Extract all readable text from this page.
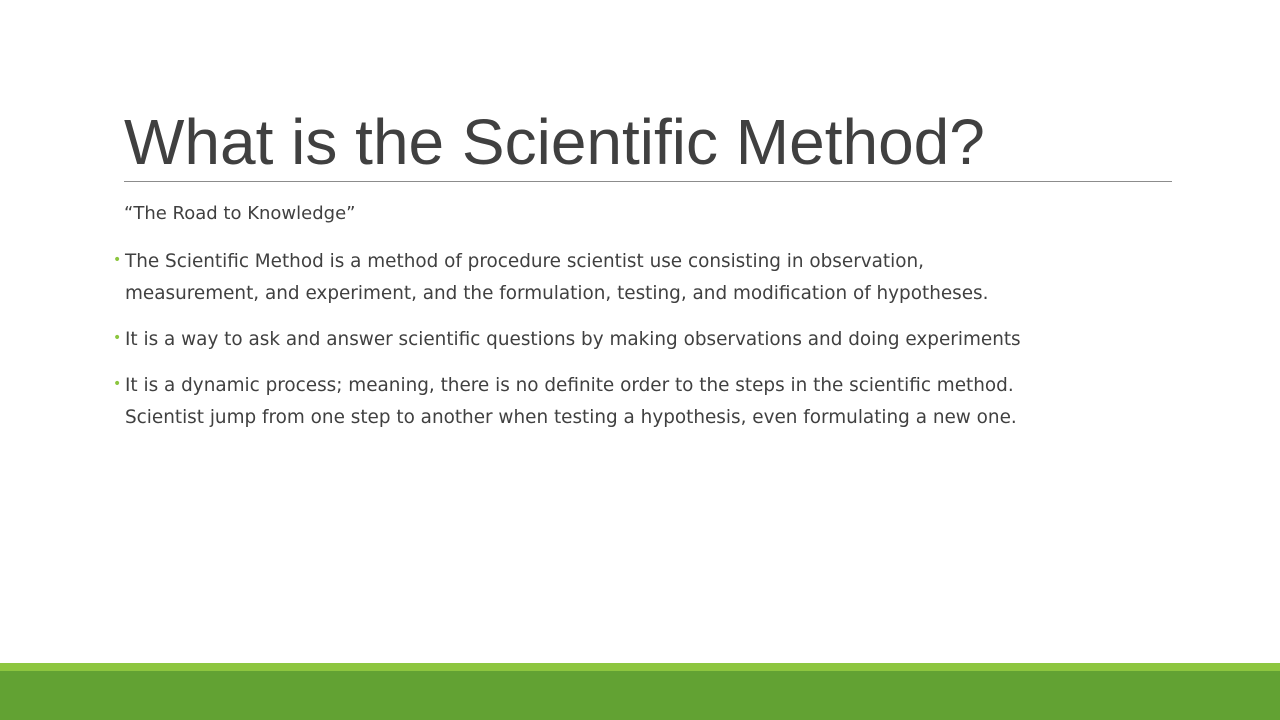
What is the Scientific Method?

“The Road to Knowledge”

• The Scientific Method is a method of procedure scientist use consisting in observation,
measurement, and experiment, and the formulation, testing, and modification of hypotheses.
• It is a way to ask and answer scientific questions by making observations and doing experiments
• It is a dynamic process; meaning, there is no definite order to the steps in the scientific method.
Scientist jump from one step to another when testing a hypothesis, even formulating a new one.
